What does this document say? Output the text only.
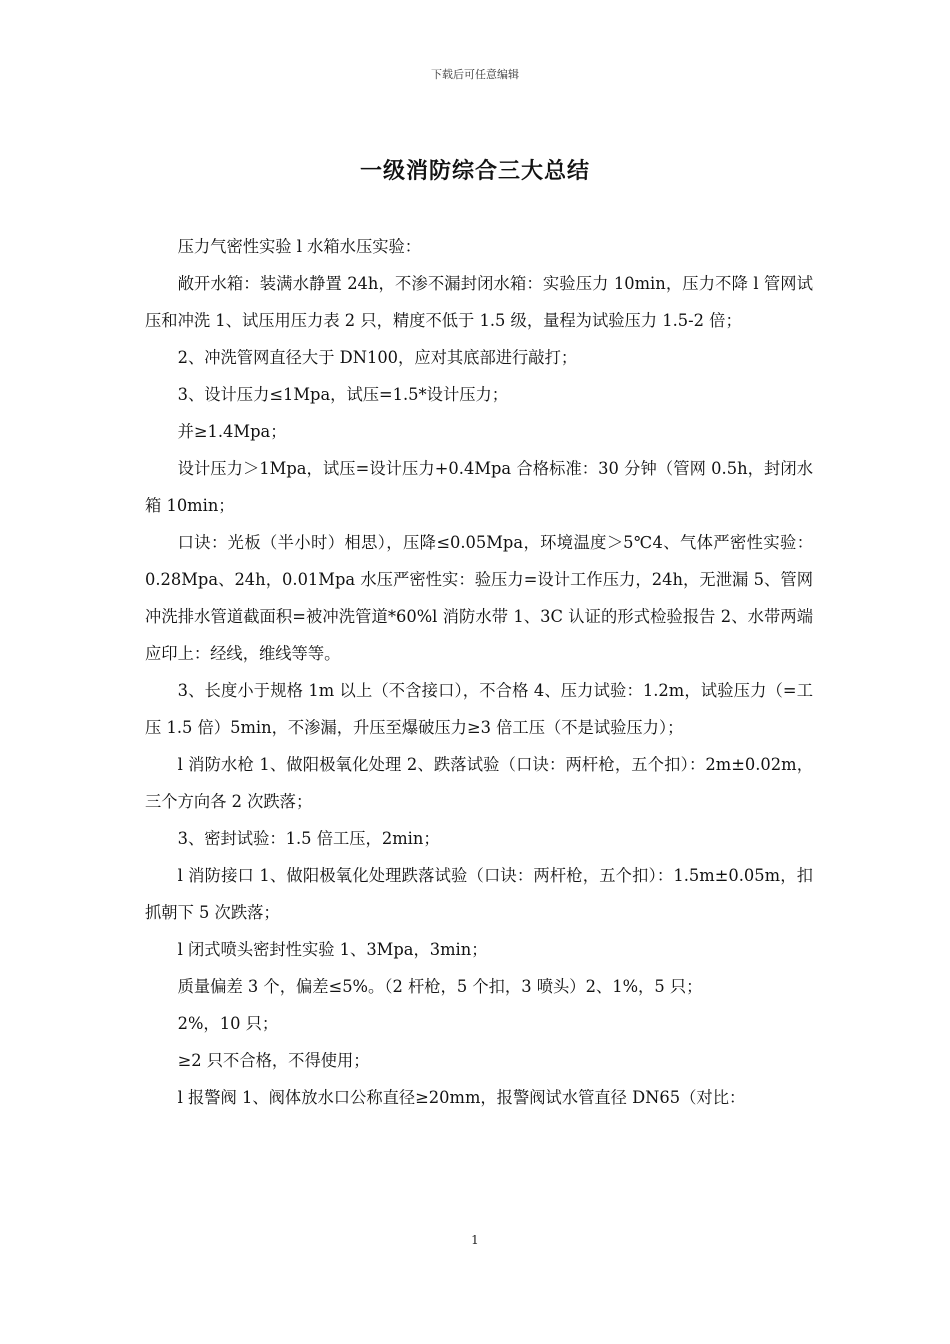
下载后可任意编辑
一级消防综合三大总结

压力气密性实验 l 水箱水压实验：

敞开水箱：装满水静置 24h，不渗不漏封闭水箱：实验压力 10min，压力不降 l 管网试压和冲洗 1、试压用压力表 2 只，精度不低于 1.5 级，量程为试验压力 1.5-2 倍；

2、冲洗管网直径大于 DN100，应对其底部进行敲打；

3、设计压力≤1Mpa，试压=1.5*设计压力；

并≥1.4Mpa；

设计压力＞1Mpa，试压=设计压力+0.4Mpa 合格标准：30 分钟（管网 0.5h，封闭水箱 10min；

口诀：光板（半小时）相思），压降≤0.05Mpa，环境温度＞5℃4、气体严密性实验：0.28Mpa、24h，0.01Mpa 水压严密性实：验压力=设计工作压力，24h，无泄漏 5、管网冲洗排水管道截面积=被冲洗管道*60%l 消防水带 1、3C 认证的形式检验报告 2、水带两端应印上：经线，维线等等。

3、长度小于规格 1m 以上（不含接口），不合格 4、压力试验：1.2m，试验压力（=工压 1.5 倍）5min，不渗漏，升压至爆破压力≥3 倍工压（不是试验压力）；

l 消防水枪 1、做阳极氧化处理 2、跌落试验（口诀：两杆枪，五个扣）：2m±0.02m，三个方向各 2 次跌落；

3、密封试验：1.5 倍工压，2min；

l 消防接口 1、做阳极氧化处理跌落试验（口诀：两杆枪，五个扣）：1.5m±0.05m，扣抓朝下 5 次跌落；

l 闭式喷头密封性实验 1、3Mpa，3min；

质量偏差 3 个，偏差≤5%。（2 杆枪，5 个扣，3 喷头）2、1%，5 只；

2%，10 只；

≥2 只不合格，不得使用；

l 报警阀 1、阀体放水口公称直径≥20mm，报警阀试水管直径 DN65（对比：

1
